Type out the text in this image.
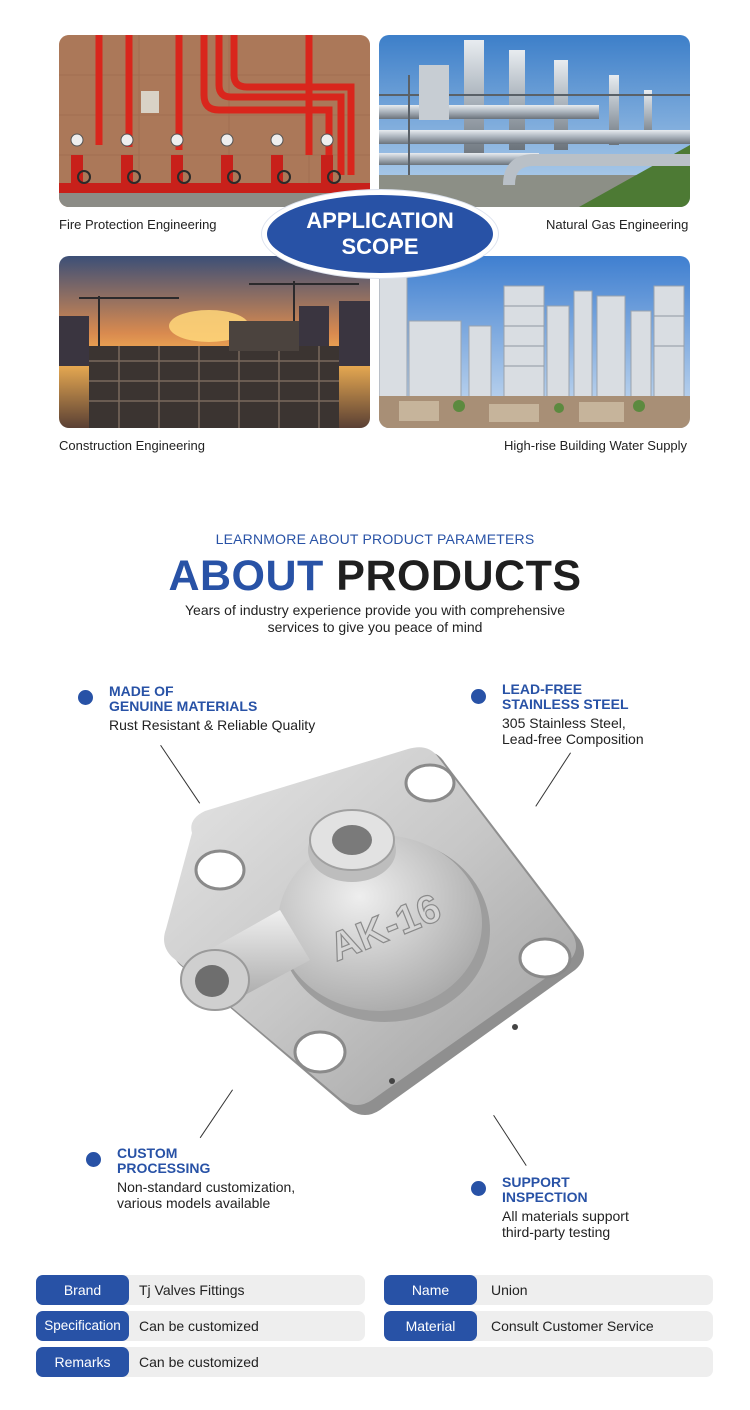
Fire Protection Engineering	Natural Gas Engineering
Construction Engineering	High-rise Building Water Supply
APPLICATION
SCOPE
LEARNMORE ABOUT PRODUCT PARAMETERS
ABOUT PRODUCTS
Years of industry experience provide you with comprehensive
services to give you peace of mind
AK-16
MADE OF
GENUINE MATERIALS
Rust Resistant & Reliable Quality
LEAD-FREE
STAINLESS STEEL
305 Stainless Steel,
Lead-free Composition
CUSTOM
PROCESSING
Non-standard customization,
various models available
SUPPORT
INSPECTION
All materials support
third-party testing
Brand	Tj Valves Fittings	Name	Union
Specification	Can be customized	Material	Consult Customer Service
Remarks	Can be customized
